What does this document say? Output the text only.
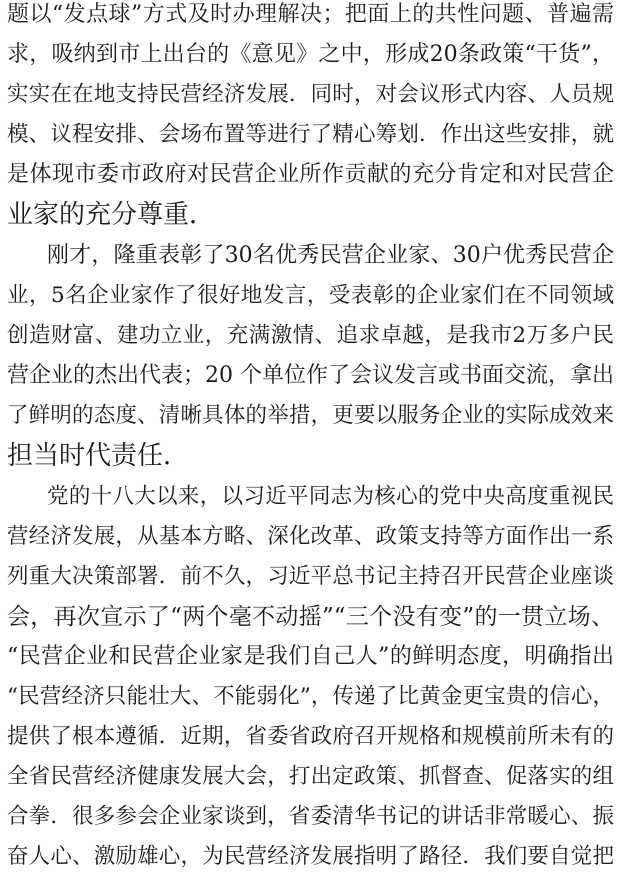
题以“发点球”方式及时办理解决；把面上的共性问题、普遍需
求，吸纳到市上出台的《意见》之中，形成20条政策“干货”，
实实在在地支持民营经济发展．同时，对会议形式内容、人员规
模、议程安排、会场布置等进行了精心筹划．作出这些安排，就
是体现市委市政府对民营企业所作贡献的充分肯定和对民营企
业家的充分尊重．
刚才，隆重表彰了30名优秀民营企业家、30户优秀民营企
业，5名企业家作了很好地发言，受表彰的企业家们在不同领域
创造财富、建功立业，充满激情、追求卓越，是我市2万多户民
营企业的杰出代表；20 个单位作了会议发言或书面交流，拿出
了鲜明的态度、清晰具体的举措，更要以服务企业的实际成效来
担当时代责任．
党的十八大以来，以习近平同志为核心的党中央高度重视民
营经济发展，从基本方略、深化改革、政策支持等方面作出一系
列重大决策部署．前不久，习近平总书记主持召开民营企业座谈
会，再次宣示了“两个毫不动摇”“三个没有变”的一贯立场、
“民营企业和民营企业家是我们自己人”的鲜明态度，明确指出
“民营经济只能壮大、不能弱化”，传递了比黄金更宝贵的信心，
提供了根本遵循．近期，省委省政府召开规格和规模前所未有的
全省民营经济健康发展大会，打出定政策、抓督查、促落实的组
合拳．很多参会企业家谈到，省委清华书记的讲话非常暖心、振
奋人心、激励雄心，为民营经济发展指明了路径．我们要自觉把
